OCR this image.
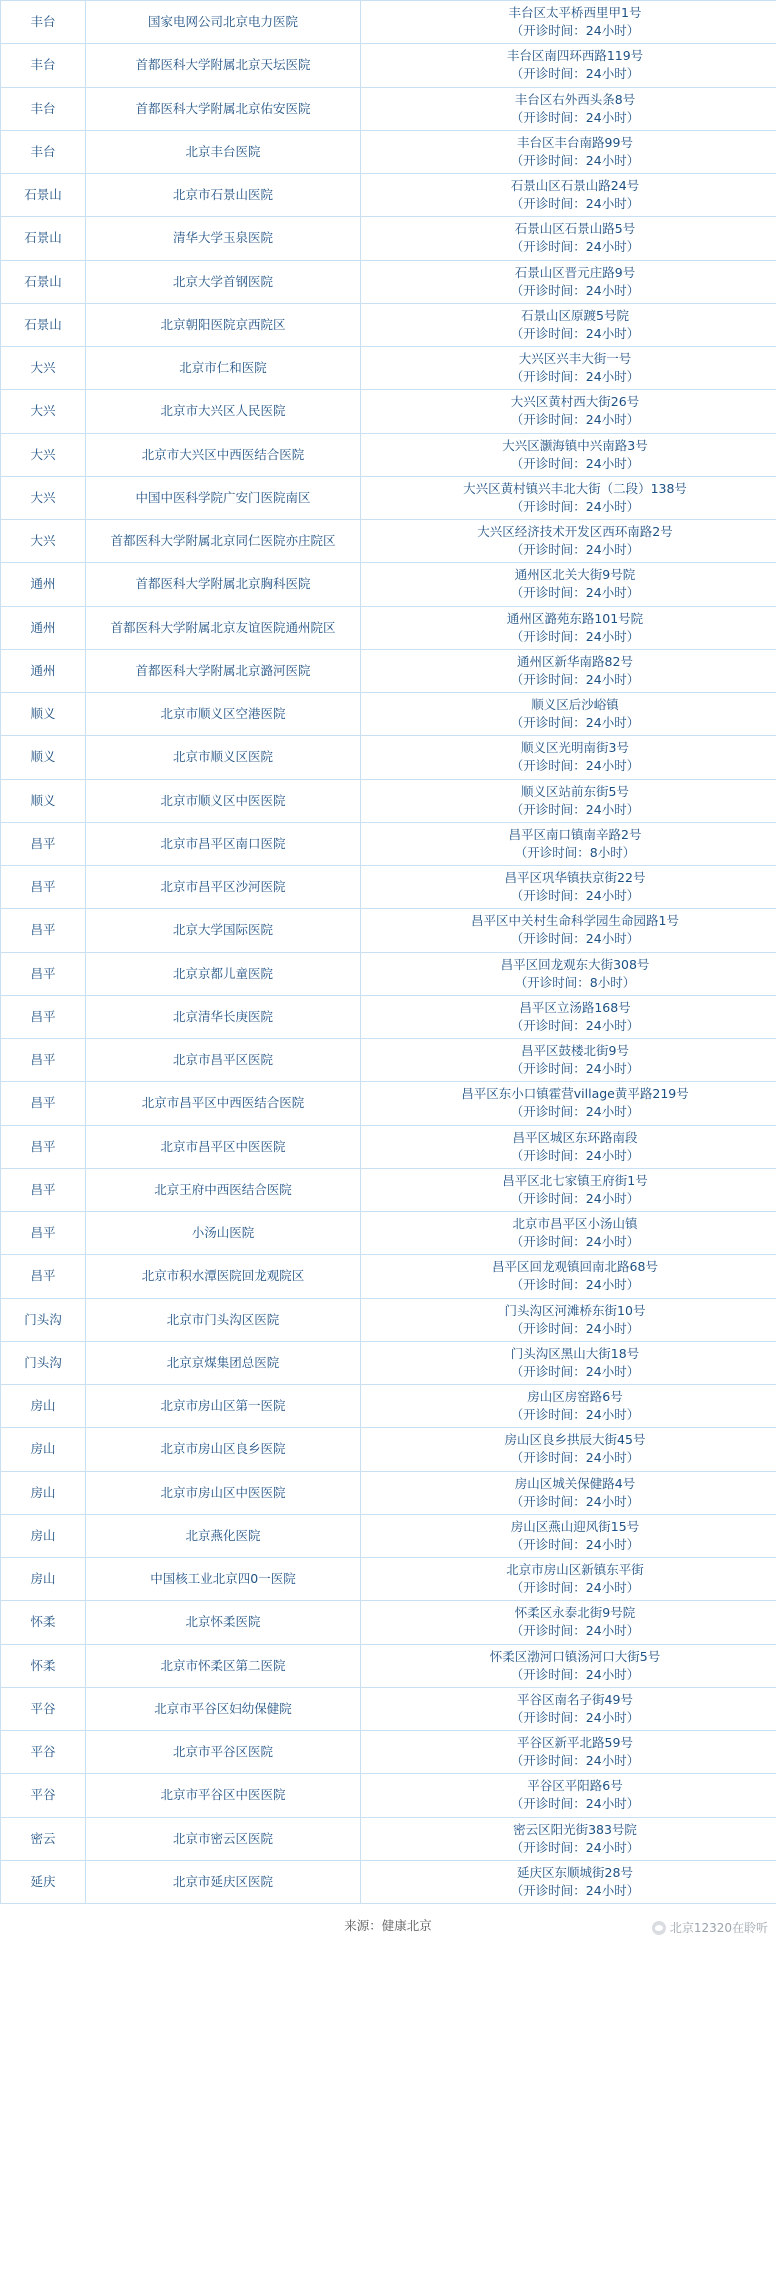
丰台	国家电网公司北京电力医院	丰台区太平桥西里甲1号
（开诊时间：24小时）

丰台	首都医科大学附属北京天坛医院	丰台区南四环西路119号
（开诊时间：24小时）

丰台	首都医科大学附属北京佑安医院	丰台区右外西头条8号
（开诊时间：24小时）

丰台	北京丰台医院	丰台区丰台南路99号
（开诊时间：24小时）

石景山	北京市石景山医院	石景山区石景山路24号
（开诊时间：24小时）

石景山	清华大学玉泉医院	石景山区石景山路5号
（开诊时间：24小时）

石景山	北京大学首钢医院	石景山区晋元庄路9号
（开诊时间：24小时）

石景山	北京朝阳医院京西院区	石景山区原踱5号院
（开诊时间：24小时）

大兴	北京市仁和医院	大兴区兴丰大街一号
（开诊时间：24小时）

大兴	北京市大兴区人民医院	大兴区黄村西大街26号
（开诊时间：24小时）

大兴	北京市大兴区中西医结合医院	大兴区灏海镇中兴南路3号
（开诊时间：24小时）

大兴	中国中医科学院广安门医院南区	大兴区黄村镇兴丰北大街（二段）138号
（开诊时间：24小时）

大兴	首都医科大学附属北京同仁医院亦庄院区	大兴区经济技术开发区西环南路2号
（开诊时间：24小时）

通州	首都医科大学附属北京胸科医院	通州区北关大街9号院
（开诊时间：24小时）

通州	首都医科大学附属北京友谊医院通州院区	通州区潞苑东路101号院
（开诊时间：24小时）

通州	首都医科大学附属北京潞河医院	通州区新华南路82号
（开诊时间：24小时）

顺义	北京市顺义区空港医院	顺义区后沙峪镇
（开诊时间：24小时）

顺义	北京市顺义区医院	顺义区光明南街3号
（开诊时间：24小时）

顺义	北京市顺义区中医医院	顺义区站前东街5号
（开诊时间：24小时）

昌平	北京市昌平区南口医院	昌平区南口镇南辛路2号
（开诊时间：8小时）

昌平	北京市昌平区沙河医院	昌平区巩华镇扶京街22号
（开诊时间：24小时）

昌平	北京大学国际医院	昌平区中关村生命科学园生命园路1号
（开诊时间：24小时）

昌平	北京京都儿童医院	昌平区回龙观东大街308号
（开诊时间：8小时）

昌平	北京清华长庚医院	昌平区立汤路168号
（开诊时间：24小时）

昌平	北京市昌平区医院	昌平区鼓楼北街9号
（开诊时间：24小时）

昌平	北京市昌平区中西医结合医院	昌平区东小口镇霍营village黄平路219号
（开诊时间：24小时）

昌平	北京市昌平区中医医院	昌平区城区东环路南段
（开诊时间：24小时）

昌平	北京王府中西医结合医院	昌平区北七家镇王府街1号
（开诊时间：24小时）

昌平	小汤山医院	北京市昌平区小汤山镇
（开诊时间：24小时）

昌平	北京市积水潭医院回龙观院区	昌平区回龙观镇回南北路68号
（开诊时间：24小时）

门头沟	北京市门头沟区医院	门头沟区河滩桥东街10号
（开诊时间：24小时）

门头沟	北京京煤集团总医院	门头沟区黑山大街18号
（开诊时间：24小时）

房山	北京市房山区第一医院	房山区房窑路6号
（开诊时间：24小时）

房山	北京市房山区良乡医院	房山区良乡拱辰大街45号
（开诊时间：24小时）

房山	北京市房山区中医医院	房山区城关保健路4号
（开诊时间：24小时）

房山	北京燕化医院	房山区燕山迎风街15号
（开诊时间：24小时）

房山	中国核工业北京四0一医院	北京市房山区新镇东平街
（开诊时间：24小时）

怀柔	北京怀柔医院	怀柔区永泰北街9号院
（开诊时间：24小时）

怀柔	北京市怀柔区第二医院	怀柔区渤河口镇汤河口大街5号
（开诊时间：24小时）

平谷	北京市平谷区妇幼保健院	平谷区南名子街49号
（开诊时间：24小时）

平谷	北京市平谷区医院	平谷区新平北路59号
（开诊时间：24小时）

平谷	北京市平谷区中医医院	平谷区平阳路6号
（开诊时间：24小时）

密云	北京市密云区医院	密云区阳光街383号院
（开诊时间：24小时）

延庆	北京市延庆区医院	延庆区东顺城街28号
（开诊时间：24小时）
来源：健康北京	北京12320在聆听
